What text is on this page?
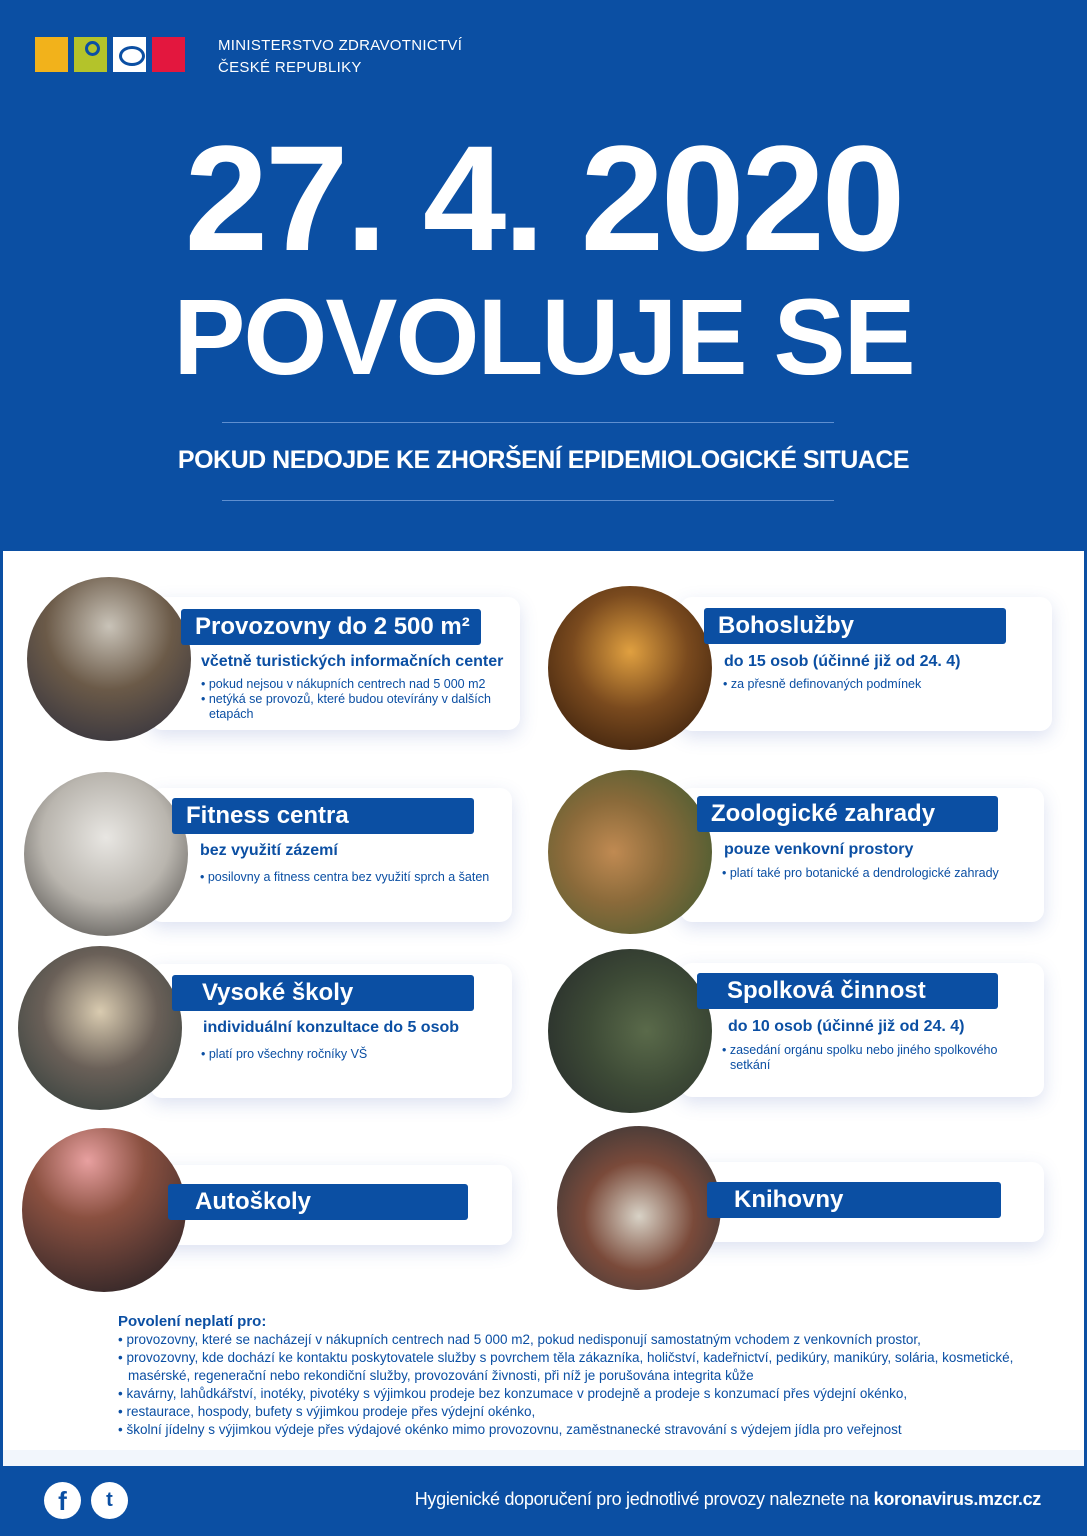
MINISTERSTVO ZDRAVOTNICTVÍ
ČESKÉ REPUBLIKY
27. 4. 2020
POVOLUJE SE
POKUD NEDOJDE KE ZHORŠENÍ EPIDEMIOLOGICKÉ SITUACE
Provozovny do 2 500 m²
včetně turistických informačních center
• pokud nejsou v nákupních centrech nad 5 000 m2
• netýká se provozů, které budou otevírány v dalších etapách
Bohoslužby
do 15 osob (účinné již od 24. 4)
• za přesně definovaných podmínek
Fitness centra
bez využití zázemí
• posilovny a fitness centra bez využití sprch a šaten
Zoologické zahrady
pouze venkovní prostory
• platí také pro botanické a dendrologické zahrady
Vysoké školy
individuální konzultace do 5 osob
• platí pro všechny ročníky VŠ
Spolková činnost
do 10 osob (účinné již od 24. 4)
• zasedání orgánu spolku nebo jiného spolkového setkání
Autoškoly	Knihovny
Povolení neplatí pro:
• provozovny, které se nacházejí v nákupních centrech nad 5 000 m2, pokud nedisponují samostatným vchodem z venkovních prostor,
• provozovny, kde dochází ke kontaktu poskytovatele služby s povrchem těla zákazníka, holičství, kadeřnictví, pedikúry, manikúry, solária, kosmetické, masérské, regenerační nebo rekondiční služby, provozování živnosti, při níž je porušována integrita kůže
• kavárny, lahůdkářství, inotéky, pivotéky s výjimkou prodeje bez konzumace v prodejně a prodeje s konzumací přes výdejní okénko,
• restaurace, hospody, bufety s výjimkou prodeje přes výdejní okénko,
• školní jídelny s výjimkou výdeje přes výdajové okénko mimo provozovnu, zaměstnanecké stravování s výdejem jídla pro veřejnost
f	t	Hygienické doporučení pro jednotlivé provozy naleznete na koronavirus.mzcr.cz
